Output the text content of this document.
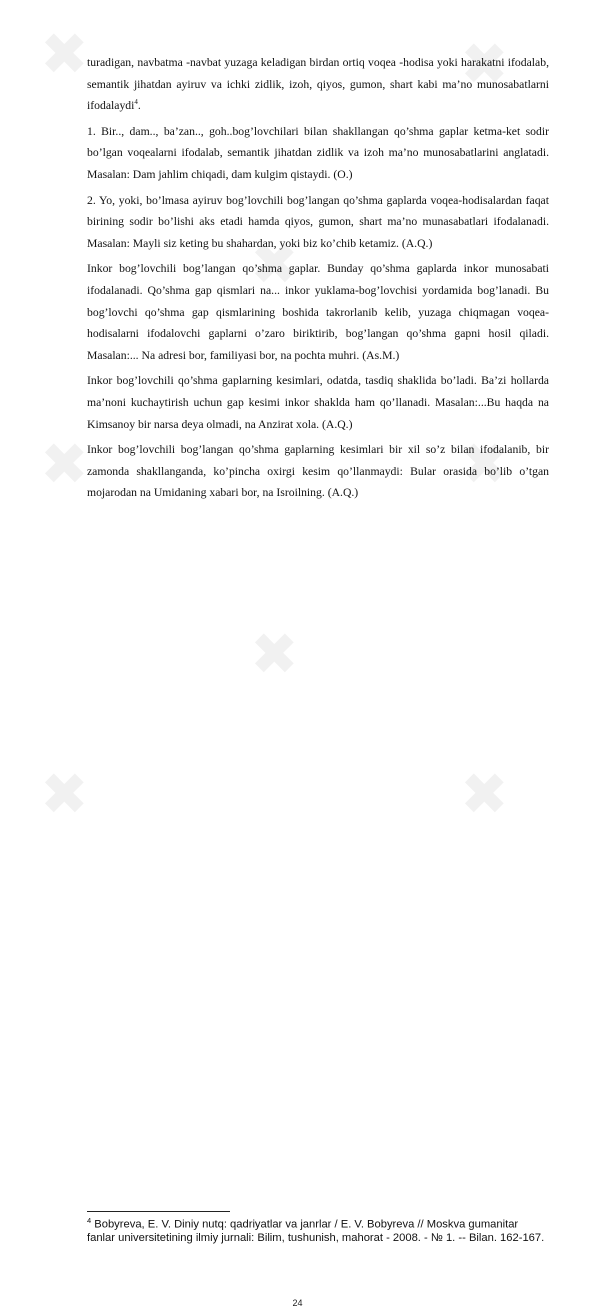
✖	✖
✖
✖	✖
✖
✖	✖

turadigan, navbatma -navbat yuzaga keladigan birdan ortiq voqea -hodisa yoki harakatni ifodalab, semantik jihatdan ayiruv va ichki zidlik, izoh, qiyos, gumon, shart kabi ma’no munosabatlarni ifodalaydi$^4$.

1. Bir.., dam.., ba’zan.., goh..bog’lovchilari bilan shakllangan qo’shma gaplar ketma-ket sodir bo’lgan voqealarni ifodalab, semantik jihatdan zidlik va izoh ma’no munosabatlarini anglatadi. Masalan: Dam jahlim chiqadi, dam kulgim qistaydi. (O.)

2. Yo, yoki, bo’lmasa ayiruv bog’lovchili bog’langan qo’shma gaplarda voqea-hodisalardan faqat birining sodir bo’lishi aks etadi hamda qiyos, gumon, shart ma’no munasabatlari ifodalanadi. Masalan: Mayli siz keting bu shahardan, yoki biz ko’chib ketamiz. (A.Q.)

Inkor bog’lovchili bog’langan qo’shma gaplar. Bunday qo’shma gaplarda inkor munosabati ifodalanadi. Qo’shma gap qismlari na... inkor yuklama-bog’lovchisi yordamida bog’lanadi. Bu bog’lovchi qo’shma gap qismlarining boshida takrorlanib kelib, yuzaga chiqmagan voqea-hodisalarni ifodalovchi gaplarni o’zaro biriktirib, bog’langan qo’shma gapni hosil qiladi. Masalan:... Na adresi bor, familiyasi bor, na pochta muhri. (As.M.)

Inkor bog’lovchili qo’shma gaplarning kesimlari, odatda, tasdiq shaklida bo’ladi. Ba’zi hollarda ma’noni kuchaytirish uchun gap kesimi inkor shaklda ham qo’llanadi. Masalan:...Bu haqda na Kimsanoy bir narsa deya olmadi, na Anzirat xola. (A.Q.)

Inkor bog’lovchili bog’langan qo’shma gaplarning kesimlari bir xil so’z bilan ifodalanib, bir zamonda shakllanganda, ko’pincha oxirgi kesim qo’llanmaydi: Bular orasida bo’lib o’tgan mojarodan na Umidaning xabari bor, na Isroilning. (A.Q.)

$^4$ Bobyreva, E. V. Diniy nutq: qadriyatlar va janrlar / E. V. Bobyreva // Moskva gumanitar fanlar universitetining ilmiy jurnali: Bilim, tushunish, mahorat - 2008. - № 1. -- Bilan. 162-167.
24
